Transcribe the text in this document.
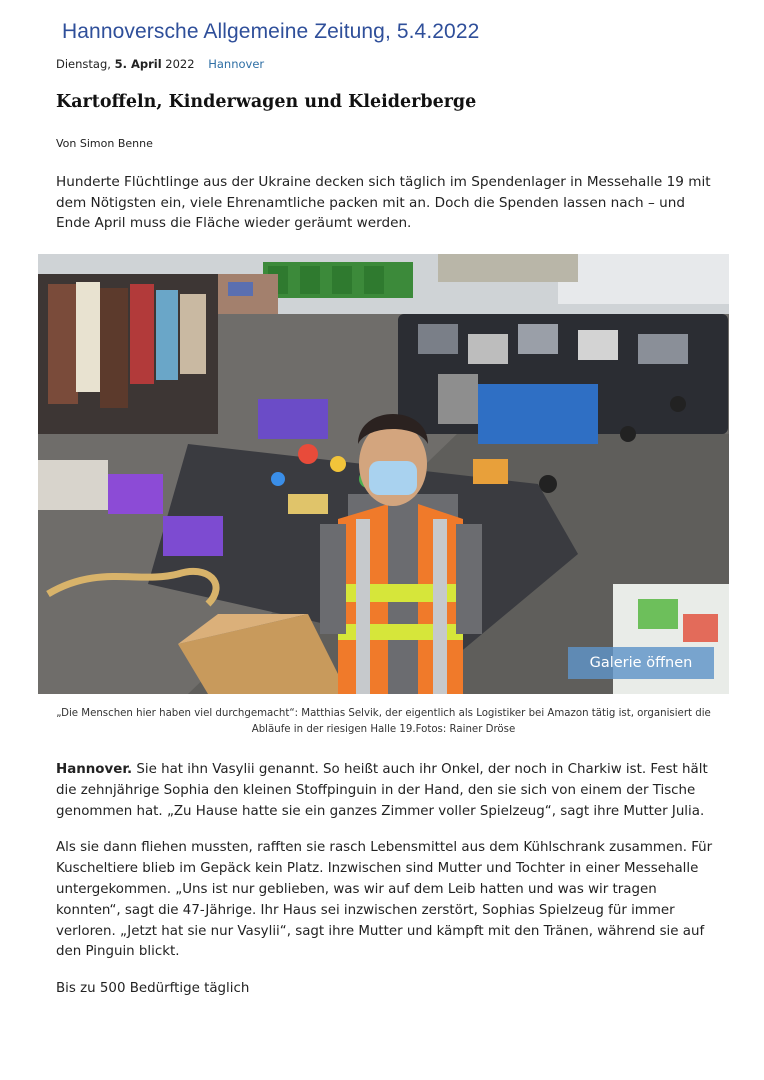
Hannoversche Allgemeine Zeitung, 5.4.2022
Dienstag, 5. April 2022 Hannover
Kartoffeln, Kinderwagen und Kleiderberge
Von Simon Benne

Hunderte Flüchtlinge aus der Ukraine decken sich täglich im Spendenlager in Messehalle 19 mit dem Nötigsten ein, viele Ehrenamtliche packen mit an. Doch die Spenden lassen nach – und Ende April muss die Fläche wieder geräumt werden.

Galerie öffnen
„Die Menschen hier haben viel durchgemacht“: Matthias Selvik, der eigentlich als Logistiker bei Amazon tätig ist, organisiert die Abläufe in der riesigen Halle 19.Fotos: Rainer Dröse

Hannover. Sie hat ihn Vasylii genannt. So heißt auch ihr Onkel, der noch in Charkiw ist. Fest hält die zehnjährige Sophia den kleinen Stoffpinguin in der Hand, den sie sich von einem der Tische genommen hat. „Zu Hause hatte sie ein ganzes Zimmer voller Spielzeug“, sagt ihre Mutter Julia.

Als sie dann fliehen mussten, rafften sie rasch Lebensmittel aus dem Kühlschrank zusammen. Für Kuscheltiere blieb im Gepäck kein Platz. Inzwischen sind Mutter und Tochter in einer Messehalle untergekommen. „Uns ist nur geblieben, was wir auf dem Leib hatten und was wir tragen konnten“, sagt die 47-Jährige. Ihr Haus sei inzwischen zerstört, Sophias Spielzeug für immer verloren. „Jetzt hat sie nur Vasylii“, sagt ihre Mutter und kämpft mit den Tränen, während sie auf den Pinguin blickt.

Bis zu 500 Bedürftige täglich
